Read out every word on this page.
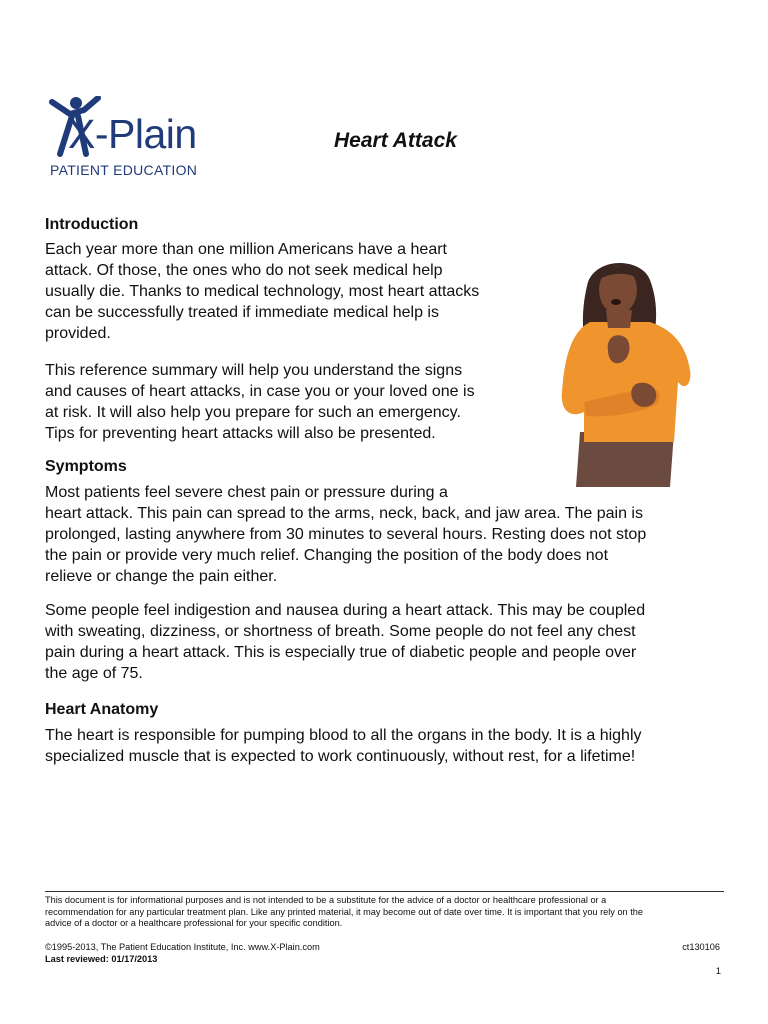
X-Plain
PATIENT EDUCATION
Heart Attack
Introduction

Each year more than one million Americans have a heart
attack. Of those, the ones who do not seek medical help
usually die. Thanks to medical technology, most heart attacks
can be successfully treated if immediate medical help is
provided.

This reference summary will help you understand the signs
and causes of heart attacks, in case you or your loved one is
at risk. It will also help you prepare for such an emergency.
Tips for preventing heart attacks will also be presented.

Symptoms

Most patients feel severe chest pain or pressure during a
heart attack. This pain can spread to the arms, neck, back, and jaw area. The pain is
prolonged, lasting anywhere from 30 minutes to several hours. Resting does not stop
the pain or provide very much relief. Changing the position of the body does not
relieve or change the pain either.

Some people feel indigestion and nausea during a heart attack. This may be coupled
with sweating, dizziness, or shortness of breath. Some people do not feel any chest
pain during a heart attack. This is especially true of diabetic people and people over
the age of 75.

Heart Anatomy

The heart is responsible for pumping blood to all the organs in the body. It is a highly
specialized muscle that is expected to work continuously, without rest, for a lifetime!

This document is for informational purposes and is not intended to be a substitute for the advice of a doctor or healthcare professional or a
recommendation for any particular treatment plan. Like any printed material, it may become out of date over time. It is important that you rely on the
advice of a doctor or a healthcare professional for your specific condition.

©1995-2013, The Patient Education Institute, Inc. www.X-Plain.com
Last reviewed: 01/17/2013
ct130106
1
